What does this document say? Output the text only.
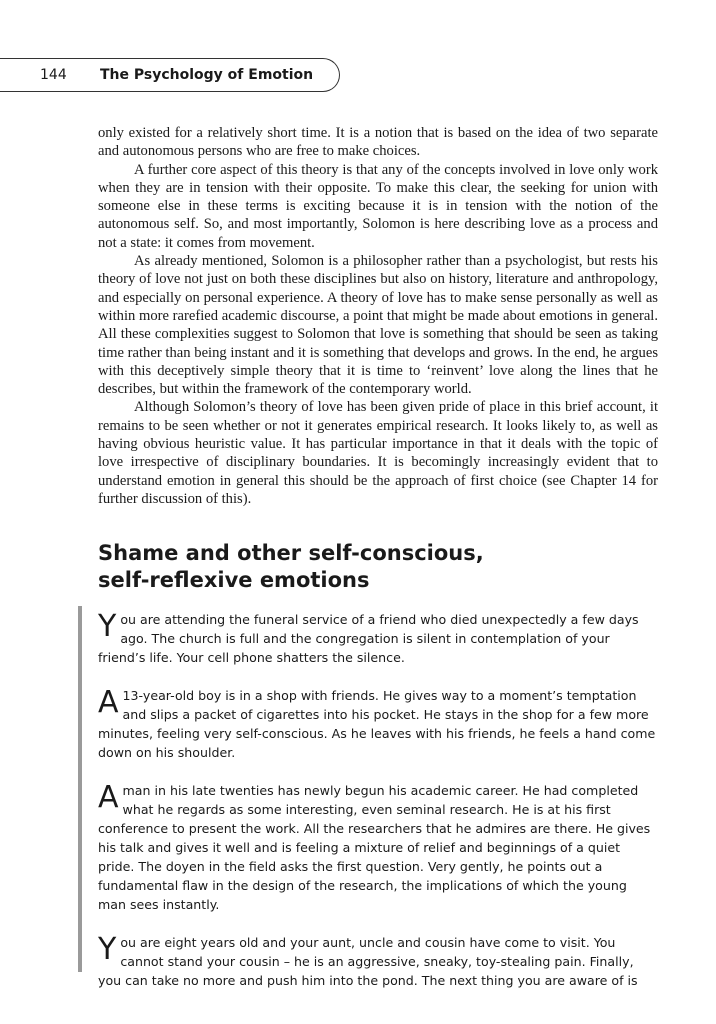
144 The Psychology of Emotion

only existed for a relatively short time. It is a notion that is based on the idea of two separate and autonomous persons who are free to make choices.

A further core aspect of this theory is that any of the concepts involved in love only work when they are in tension with their opposite. To make this clear, the seeking for union with someone else in these terms is exciting because it is in tension with the notion of the autonomous self. So, and most importantly, Solomon is here describing love as a process and not a state: it comes from movement.

As already mentioned, Solomon is a philosopher rather than a psychologist, but rests his theory of love not just on both these disciplines but also on history, literature and anthropology, and especially on personal experience. A theory of love has to make sense personally as well as within more rarefied academic discourse, a point that might be made about emotions in general. All these complexities suggest to Solomon that love is something that should be seen as taking time rather than being instant and it is something that develops and grows. In the end, he argues with this deceptively simple theory that it is time to ‘reinvent’ love along the lines that he describes, but within the framework of the contemporary world.

Although Solomon’s theory of love has been given pride of place in this brief account, it remains to be seen whether or not it generates empirical research. It looks likely to, as well as having obvious heuristic value. It has particular importance in that it deals with the topic of love irrespective of disciplinary boundaries. It is becomingly increasingly evident that to understand emotion in general this should be the approach of first choice (see Chapter 14 for further discussion of this).

Shame and other self-conscious,
self-reflexive emotions

You are attending the funeral service of a friend who died unexpectedly a few days ago. The church is full and the congregation is silent in contemplation of your friend’s life. Your cell phone shatters the silence.

A 13-year-old boy is in a shop with friends. He gives way to a moment’s temptation and slips a packet of cigarettes into his pocket. He stays in the shop for a few more minutes, feeling very self-conscious. As he leaves with his friends, he feels a hand come down on his shoulder.

A man in his late twenties has newly begun his academic career. He had completed what he regards as some interesting, even seminal research. He is at his first conference to present the work. All the researchers that he admires are there. He gives his talk and gives it well and is feeling a mixture of relief and beginnings of a quiet pride. The doyen in the field asks the first question. Very gently, he points out a fundamental flaw in the design of the research, the implications of which the young man sees instantly.

You are eight years old and your aunt, uncle and cousin have come to visit. You cannot stand your cousin – he is an aggressive, sneaky, toy-stealing pain. Finally, you can take no more and push him into the pond. The next thing you are aware of is
